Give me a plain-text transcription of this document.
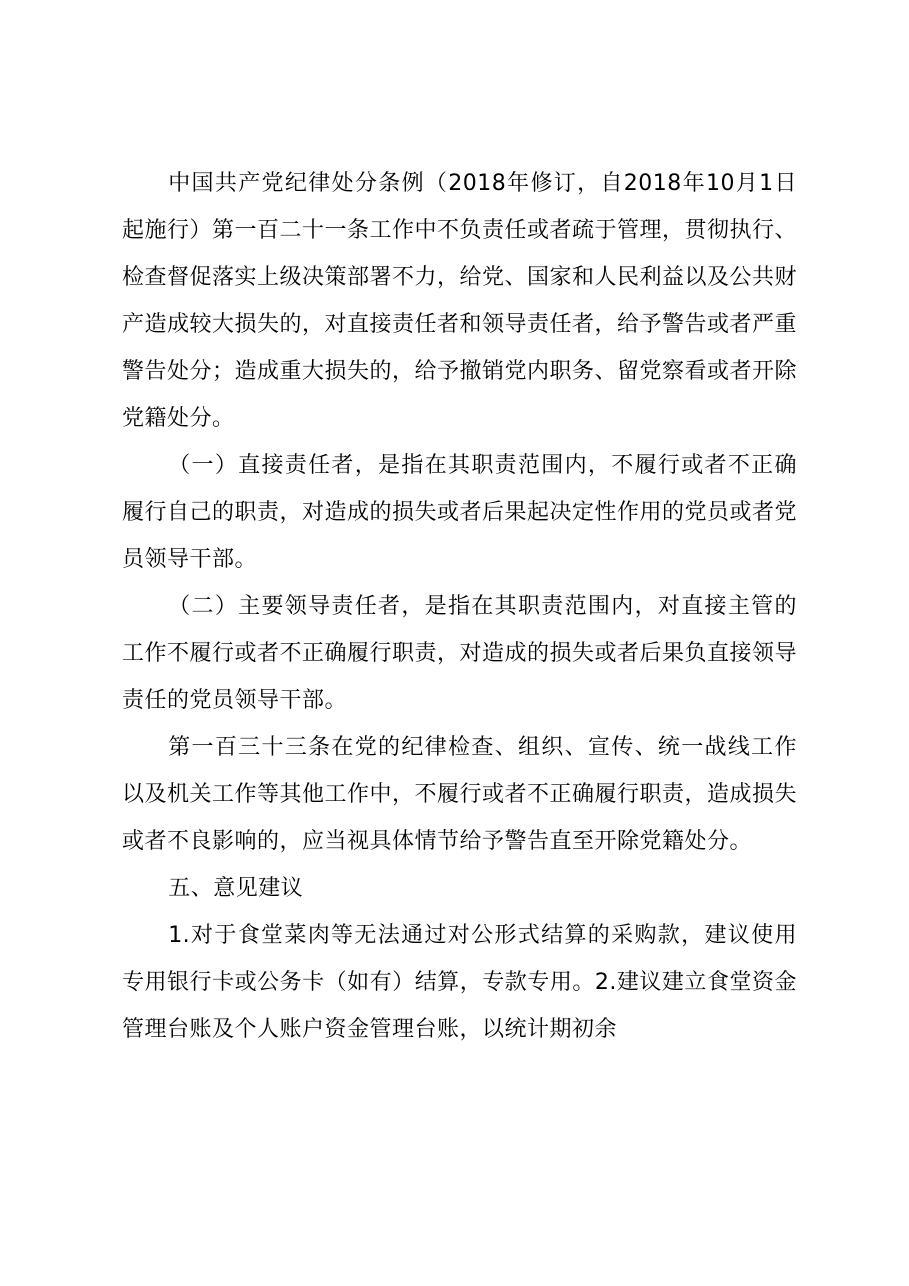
中国共产党纪律处分条例（2018年修订，自2018年10月1日起施行）第一百二十一条工作中不负责任或者疏于管理，贯彻执行、检查督促落实上级决策部署不力，给党、国家和人民利益以及公共财产造成较大损失的，对直接责任者和领导责任者，给予警告或者严重警告处分；造成重大损失的，给予撤销党内职务、留党察看或者开除党籍处分。

（一）直接责任者，是指在其职责范围内，不履行或者不正确履行自己的职责，对造成的损失或者后果起决定性作用的党员或者党员领导干部。

（二）主要领导责任者，是指在其职责范围内，对直接主管的工作不履行或者不正确履行职责，对造成的损失或者后果负直接领导责任的党员领导干部。

第一百三十三条在党的纪律检查、组织、宣传、统一战线工作以及机关工作等其他工作中，不履行或者不正确履行职责，造成损失或者不良影响的，应当视具体情节给予警告直至开除党籍处分。

五、意见建议

1.对于食堂菜肉等无法通过对公形式结算的采购款，建议使用专用银行卡或公务卡（如有）结算，专款专用。2.建议建立食堂资金管理台账及个人账户资金管理台账，以统计期初余
